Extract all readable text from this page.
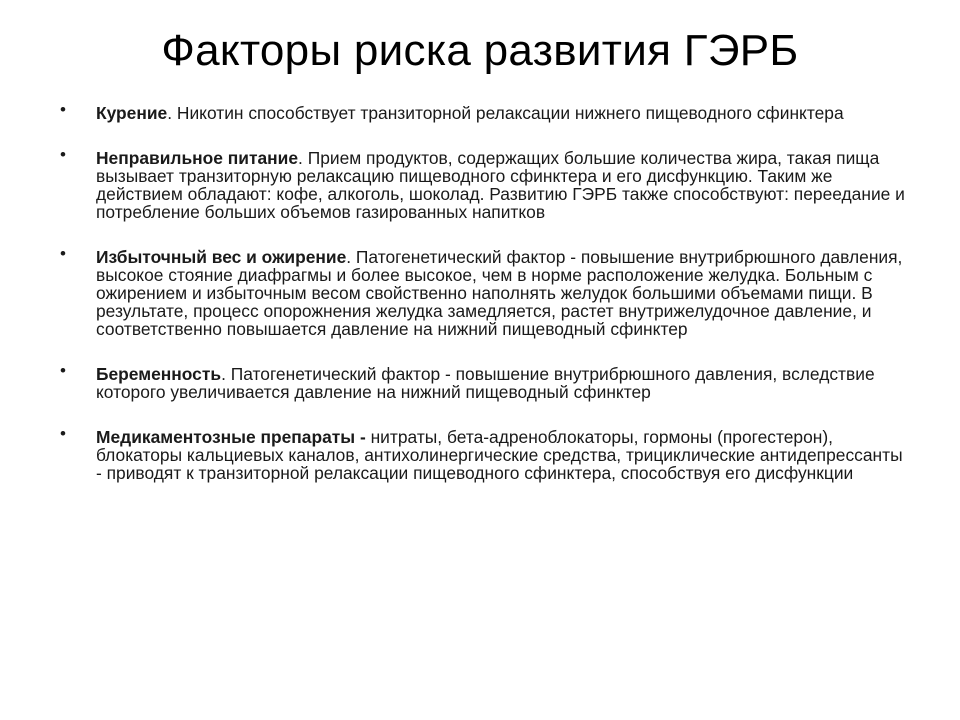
Факторы риска развития ГЭРБ
• Курение. Никотин способствует транзиторной релаксации нижнего пищеводного сфинктера
• Неправильное питание. Прием продуктов, содержащих большие количества жира, такая пища вызывает транзиторную релаксацию пищеводного сфинктера и его дисфункцию. Таким же действием обладают: кофе, алкоголь, шоколад. Развитию ГЭРБ также способствуют: переедание и потребление больших объемов газированных напитков
• Избыточный вес и ожирение. Патогенетический фактор - повышение внутрибрюшного давления, высокое стояние диафрагмы и более высокое, чем в норме расположение желудка. Больным с ожирением и избыточным весом свойственно наполнять желудок большими объемами пищи. В результате, процесс опорожнения желудка замедляется, растет внутрижелудочное давление, и соответственно повышается давление на нижний пищеводный сфинктер
• Беременность. Патогенетический фактор - повышение внутрибрюшного давления, вследствие которого увеличивается давление на нижний пищеводный сфинктер
• Медикаментозные препараты - нитраты, бета-адреноблокаторы, гормоны (прогестерон), блокаторы кальциевых каналов, антихолинергические средства, трициклические антидепрессанты - приводят к транзиторной релаксации пищеводного сфинктера, способствуя его дисфункции
